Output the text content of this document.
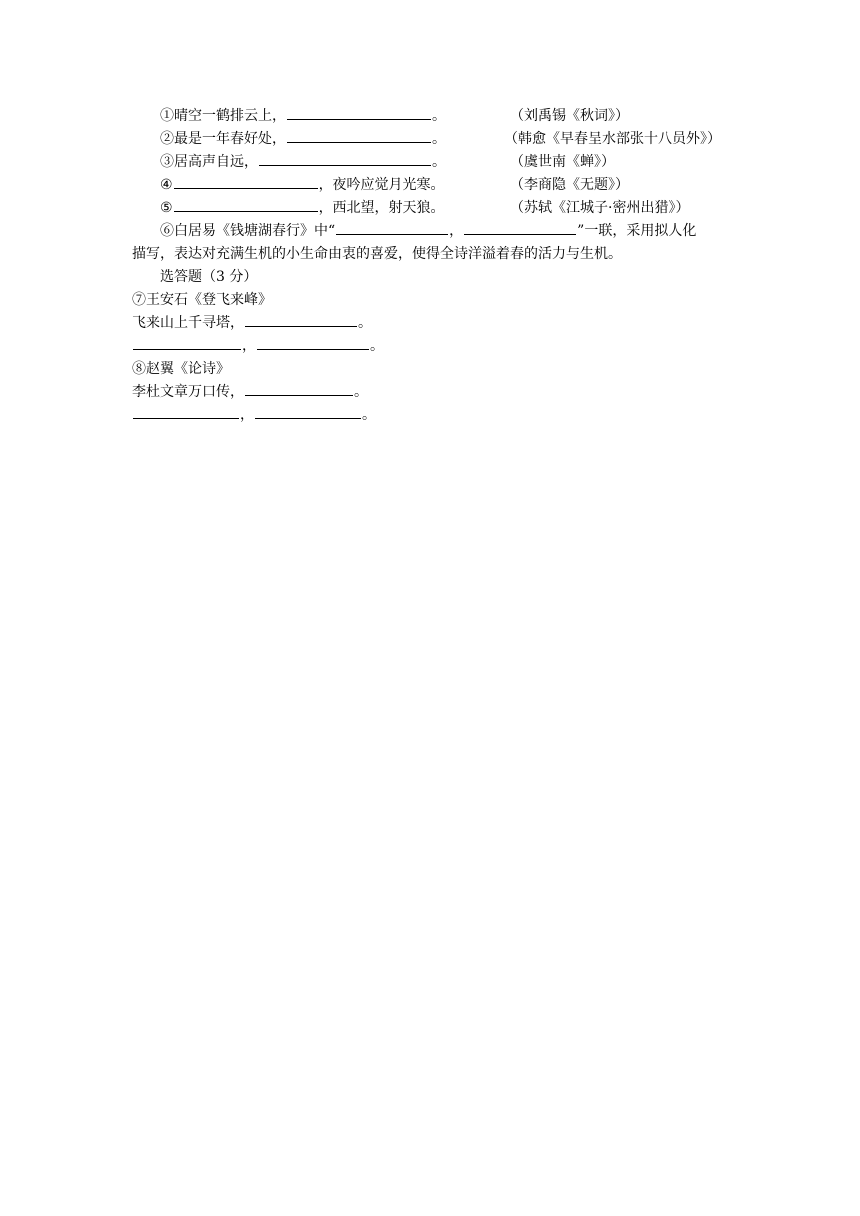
①晴空一鹤排云上，	。	（刘禹锡《秋词》）
②最是一年春好处，	。	（韩愈《早春呈水部张十八员外》）
③居高声自远，	。	（虞世南《蝉》）
④	，夜吟应觉月光寒。	（李商隐《无题》）
⑤	，西北望，射天狼。	（苏轼《江城子·密州出猎》）
⑥白居易《钱塘湖春行》中“	，	”一联，采用拟人化
描写，表达对充满生机的小生命由衷的喜爱，使得全诗洋溢着春的活力与生机。
选答题（3 分）
⑦王安石《登飞来峰》
飞来山上千寻塔，	。
，	。
⑧赵翼《论诗》
李杜文章万口传，	。
，	。
